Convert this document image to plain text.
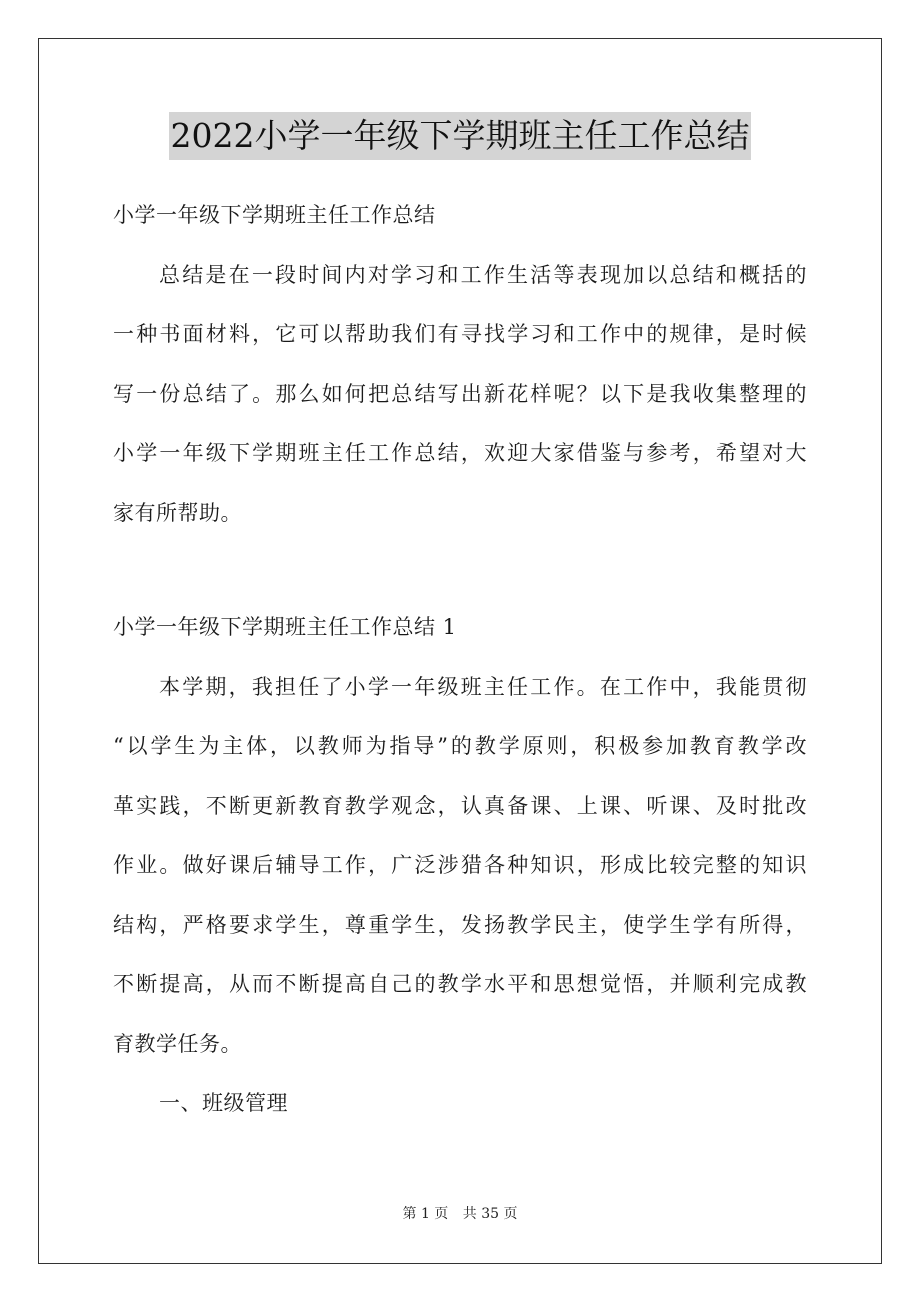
2022小学一年级下学期班主任工作总结
小学一年级下学期班主任工作总结
总结是在一段时间内对学习和工作生活等表现加以总结和概括的
一种书面材料，它可以帮助我们有寻找学习和工作中的规律，是时候
写一份总结了。那么如何把总结写出新花样呢？以下是我收集整理的
小学一年级下学期班主任工作总结，欢迎大家借鉴与参考，希望对大
家有所帮助。
小学一年级下学期班主任工作总结 1
本学期，我担任了小学一年级班主任工作。在工作中，我能贯彻
“以学生为主体，以教师为指导”的教学原则，积极参加教育教学改
革实践，不断更新教育教学观念，认真备课、上课、听课、及时批改
作业。做好课后辅导工作，广泛涉猎各种知识，形成比较完整的知识
结构，严格要求学生，尊重学生，发扬教学民主，使学生学有所得，
不断提高，从而不断提高自己的教学水平和思想觉悟，并顺利完成教
育教学任务。
一、班级管理
第 1 页 共 35 页
